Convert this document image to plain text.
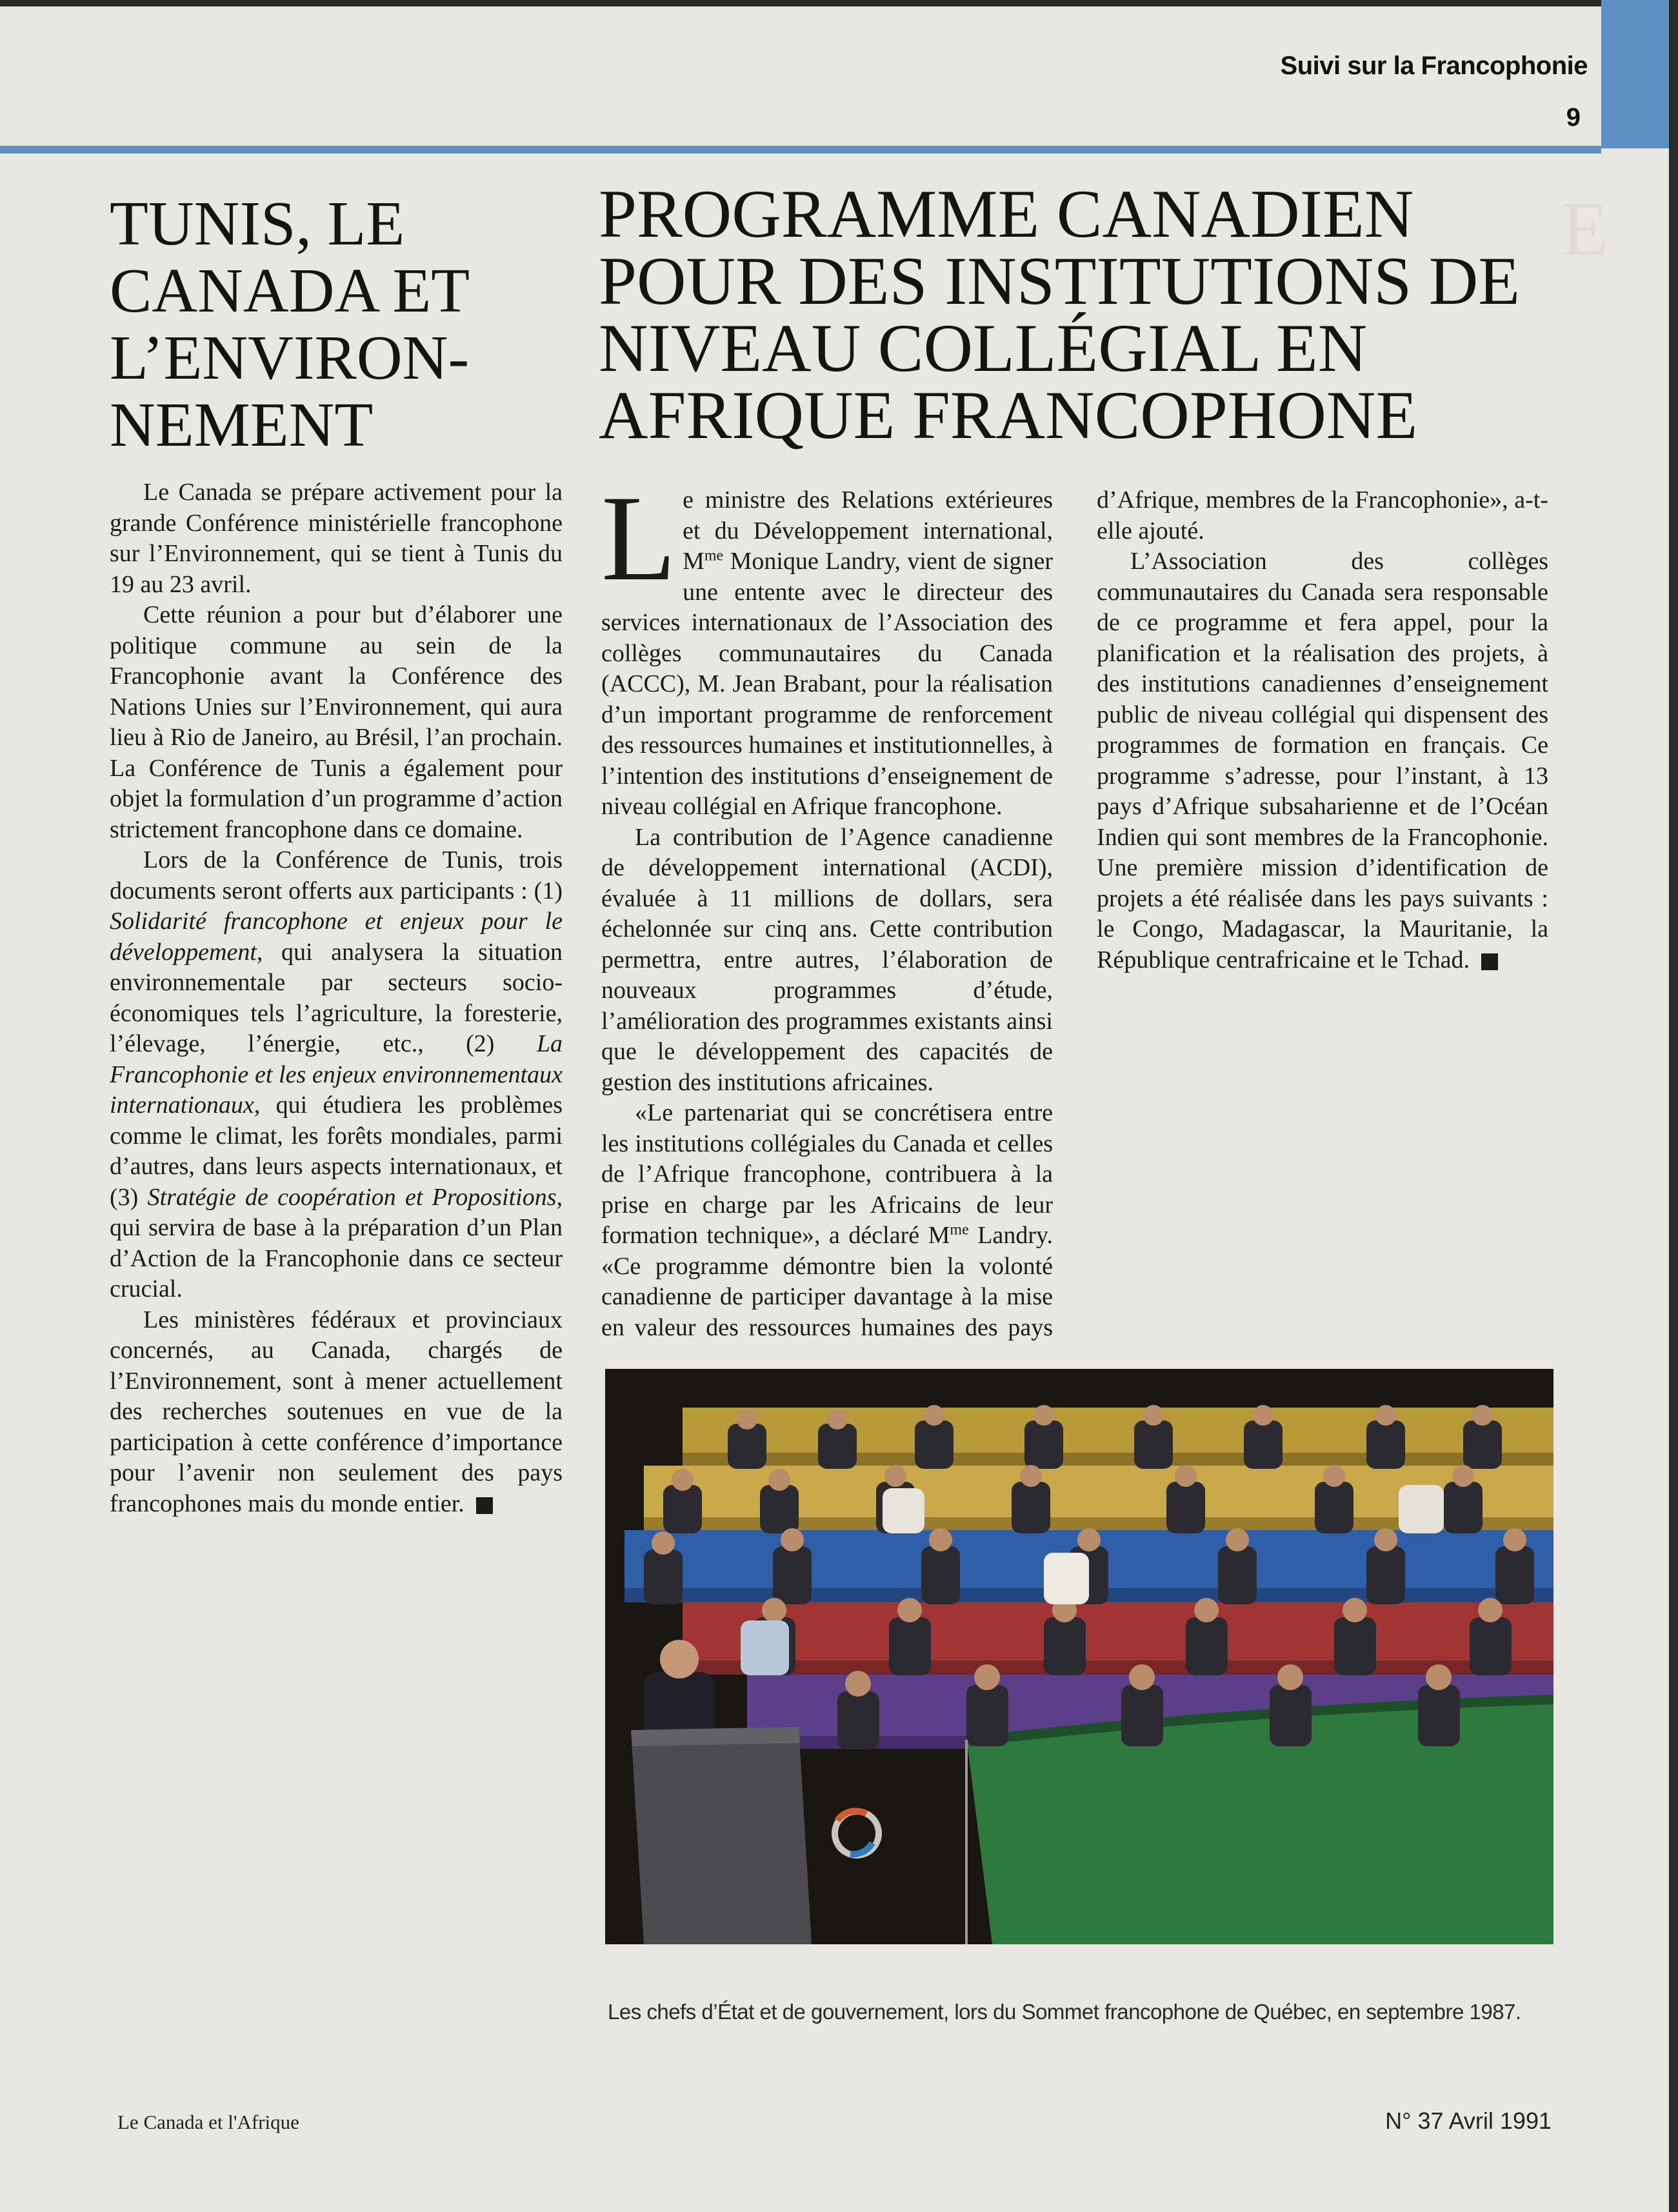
Suivi sur la Francophonie
9
E
TUNIS, LE CANADA ET L’ENVIRON-NEMENT
PROGRAMME CANADIEN POUR DES INSTITUTIONS DE NIVEAU COLLÉGIAL EN AFRIQUE FRANCOPHONE

Le Canada se prépare activement pour la grande Conférence ministérielle francophone sur l’Environnement, qui se tient à Tunis du 19 au 23 avril.

Cette réunion a pour but d’élaborer une politique commune au sein de la Francophonie avant la Conférence des Nations Unies sur l’Environnement, qui aura lieu à Rio de Janeiro, au Brésil, l’an prochain. La Conférence de Tunis a également pour objet la formulation d’un programme d’action strictement francophone dans ce domaine.

Lors de la Conférence de Tunis, trois documents seront offerts aux participants : (1) Solidarité francophone et enjeux pour le développement, qui analysera la situation environnementale par secteurs socio-économiques tels l’agriculture, la foresterie, l’élevage, l’énergie, etc., (2) La Francophonie et les enjeux environnementaux internationaux, qui étudiera les problèmes comme le climat, les forêts mondiales, parmi d’autres, dans leurs aspects internationaux, et (3) Stratégie de coopération et Propositions, qui servira de base à la préparation d’un Plan d’Action de la Francophonie dans ce secteur crucial.

Les ministères fédéraux et provinciaux concernés, au Canada, chargés de l’Environnement, sont à mener actuellement des recherches soutenues en vue de la participation à cette conférence d’importance pour l’avenir non seulement des pays francophones mais du monde entier.

Le ministre des Relations extérieures et du Développement international, $M^{me}$ Monique Landry, vient de signer une entente avec le directeur des services internationaux de l’Association des collèges communautaires du Canada (ACCC), M. Jean Brabant, pour la réalisation d’un important programme de renforcement des ressources humaines et institutionnelles, à l’intention des institutions d’enseignement de niveau collégial en Afrique francophone.

La contribution de l’Agence canadienne de développement international (ACDI), évaluée à 11 millions de dollars, sera échelonnée sur cinq ans. Cette contribution permettra, entre autres, l’élaboration de nouveaux programmes d’étude, l’amélioration des programmes existants ainsi que le développement des capacités de gestion des institutions africaines.

«Le partenariat qui se concrétisera entre les institutions collégiales du Canada et celles de l’Afrique francophone, contribuera à la prise en charge par les Africains de leur formation technique», a déclaré $M^{me}$ Landry. «Ce programme démontre bien la volonté canadienne de participer davantage à la mise en valeur des ressources humaines des pays d’Afrique, membres de la Francophonie», a-t-elle ajouté.

L’Association des collèges communautaires du Canada sera responsable de ce programme et fera appel, pour la planification et la réalisation des projets, à des institutions canadiennes d’enseignement public de niveau collégial qui dispensent des programmes de formation en français. Ce programme s’adresse, pour l’instant, à 13 pays d’Afrique subsaharienne et de l’Océan Indien qui sont membres de la Francophonie. Une première mission d’identification de projets a été réalisée dans les pays suivants : le Congo, Madagascar, la Mauritanie, la République centrafricaine et le Tchad.

Les chefs d’État et de gouvernement, lors du Sommet francophone de Québec, en septembre 1987.
Le Canada et l'Afrique	N° 37 Avril 1991
